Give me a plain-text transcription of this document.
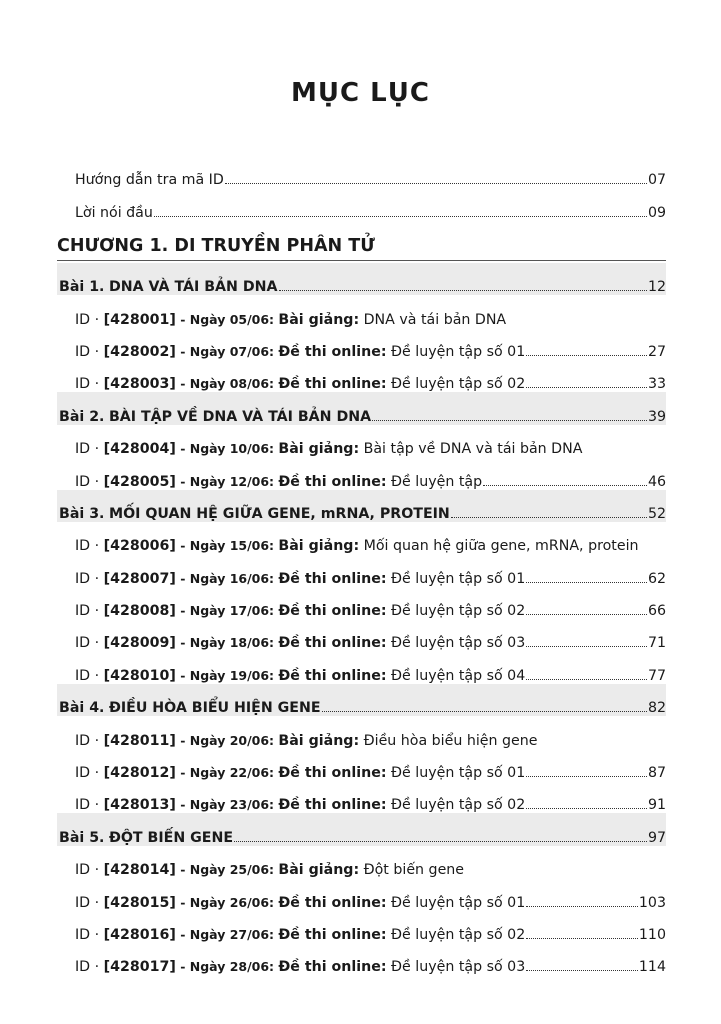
MỤC LỤC
Hướng dẫn tra mã ID	07
Lời nói đầu	09
CHƯƠNG 1. DI TRUYỀN PHÂN TỬ
Bài 1. DNA VÀ TÁI BẢN DNA	12
ID · [428001] - Ngày 05/06: Bài giảng: DNA và tái bản DNA
ID · [428002] - Ngày 07/06: Đề thi online: Đề luyện tập số 01	27
ID · [428003] - Ngày 08/06: Đề thi online: Đề luyện tập số 02	33
Bài 2. BÀI TẬP VỀ DNA VÀ TÁI BẢN DNA	39
ID · [428004] - Ngày 10/06: Bài giảng: Bài tập về DNA và tái bản DNA
ID · [428005] - Ngày 12/06: Đề thi online: Đề luyện tập	46
Bài 3. MỐI QUAN HỆ GIỮA GENE, mRNA, PROTEIN	52
ID · [428006] - Ngày 15/06: Bài giảng: Mối quan hệ giữa gene, mRNA, protein
ID · [428007] - Ngày 16/06: Đề thi online: Đề luyện tập số 01	62
ID · [428008] - Ngày 17/06: Đề thi online: Đề luyện tập số 02	66
ID · [428009] - Ngày 18/06: Đề thi online: Đề luyện tập số 03	71
ID · [428010] - Ngày 19/06: Đề thi online: Đề luyện tập số 04	77
Bài 4. ĐIỀU HÒA BIỂU HIỆN GENE	82
ID · [428011] - Ngày 20/06: Bài giảng: Điều hòa biểu hiện gene
ID · [428012] - Ngày 22/06: Đề thi online: Đề luyện tập số 01	87
ID · [428013] - Ngày 23/06: Đề thi online: Đề luyện tập số 02	91
Bài 5. ĐỘT BIẾN GENE	97
ID · [428014] - Ngày 25/06: Bài giảng: Đột biến gene
ID · [428015] - Ngày 26/06: Đề thi online: Đề luyện tập số 01	103
ID · [428016] - Ngày 27/06: Đề thi online: Đề luyện tập số 02	110
ID · [428017] - Ngày 28/06: Đề thi online: Đề luyện tập số 03	114
